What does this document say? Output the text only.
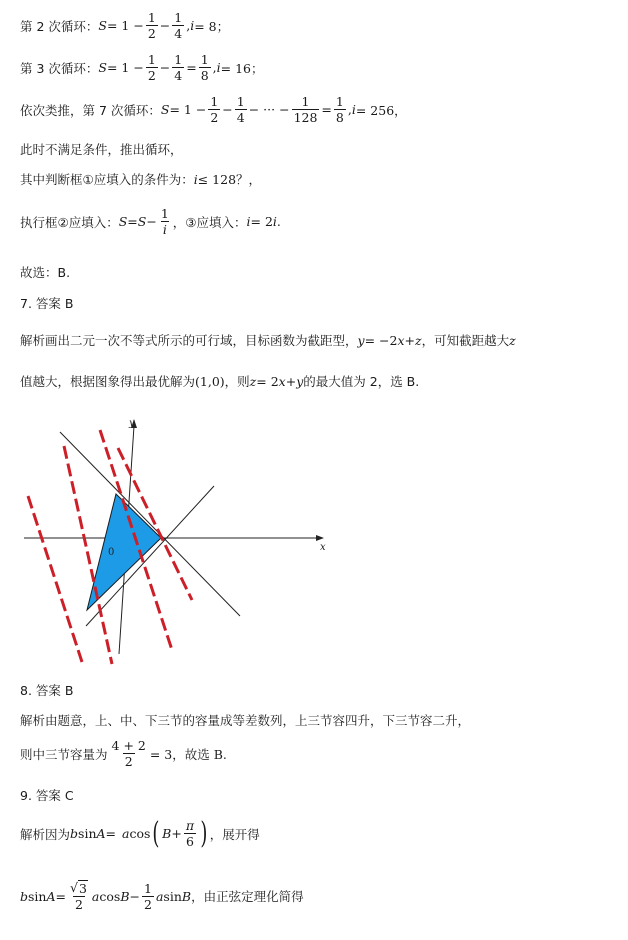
第 2 次循环： $S = 1 - \frac{1}{2} - \frac{1}{4}$ , i = 8；
第 3 次循环： $S = 1 - \frac{1}{2} - \frac{1}{4} = \frac{1}{8}$ , i = 16；
依次类推，第 7 次循环： $S = 1 - \frac{1}{2} - \frac{1}{4}$ − ··· − $\frac{1}{128} = \frac{1}{8}$ , i = 256，
此时不满足条件，推出循环，
其中判断框①应填入的条件为： i ≤ 128？，
执行框②应填入： $S = S - \frac{1}{i}$ ，③应填入： i = 2 i .
故选：B.
7. 答案 B
解析画出二元一次不等式所示的可行域，目标函数为截距型， y = −2 x + z ，可知截距越大 z
值越大，根据图象得出最优解为 (1,0) ，则 z = 2 x + y 的最大值为 2，选 B.
y
x
0
8. 答案 B
解析由题意，上、中、下三节的容量成等差数列，上三节容四升，下三节容二升，
则中三节容量为 $\frac{4 + 2}{2} = 3$，故选 B.
9. 答案 C
解析因为 b sin A = a cos ( $B + \frac{\pi}{6}$ ) ，展开得
b $\sin A = \frac{√ 3}{2}$ a $\cos B - \frac{1}{2}$ a sin B ，由正弦定理化简得
